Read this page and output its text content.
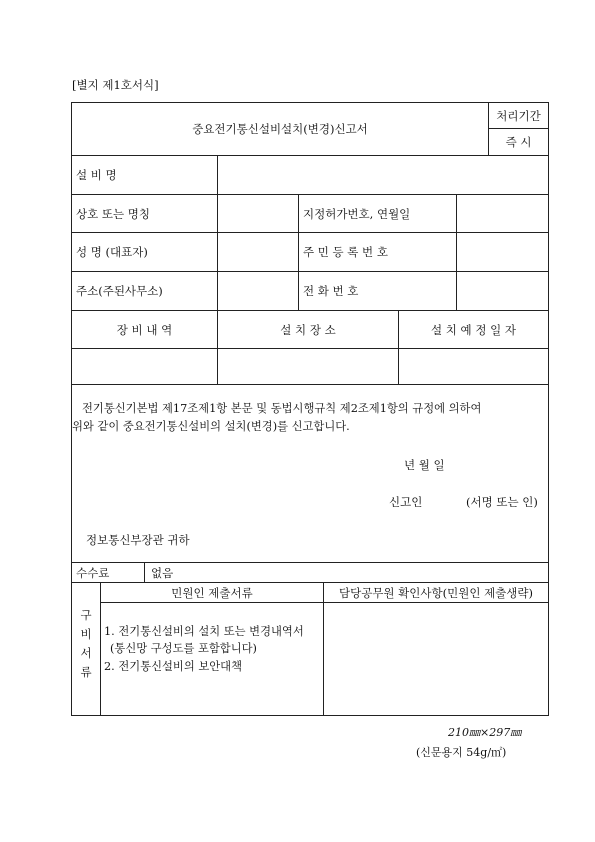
[별지 제1호서식]
중요전기통신설비설치(변경)신고서
처리기간
즉 시
설 비 명
상호 또는 명칭	지정허가번호, 연월일
성 명 (대표자)	주 민 등 록 번 호
주소(주된사무소)	전 화 번 호
장 비 내 역	설 치 장 소	설 치 예 정 일 자
전기통신기본법 제17조제1항 본문 및 동법시행규칙 제2조제1항의 규정에 의하여
위와 같이 중요전기통신설비의 설치(변경)를 신고합니다.
년 월 일
신고인	(서명 또는 인)
정보통신부장관 귀하
수수료	없음
구
비
서
류
민원인 제출서류	담당공무원 확인사항(민원인 제출생략)
1. 전기통신설비의 설치 또는 변경내역서
(통신망 구성도를 포함합니다)
2. 전기통신설비의 보안대책
210㎜×297㎜
(신문용지 54g/㎡)
